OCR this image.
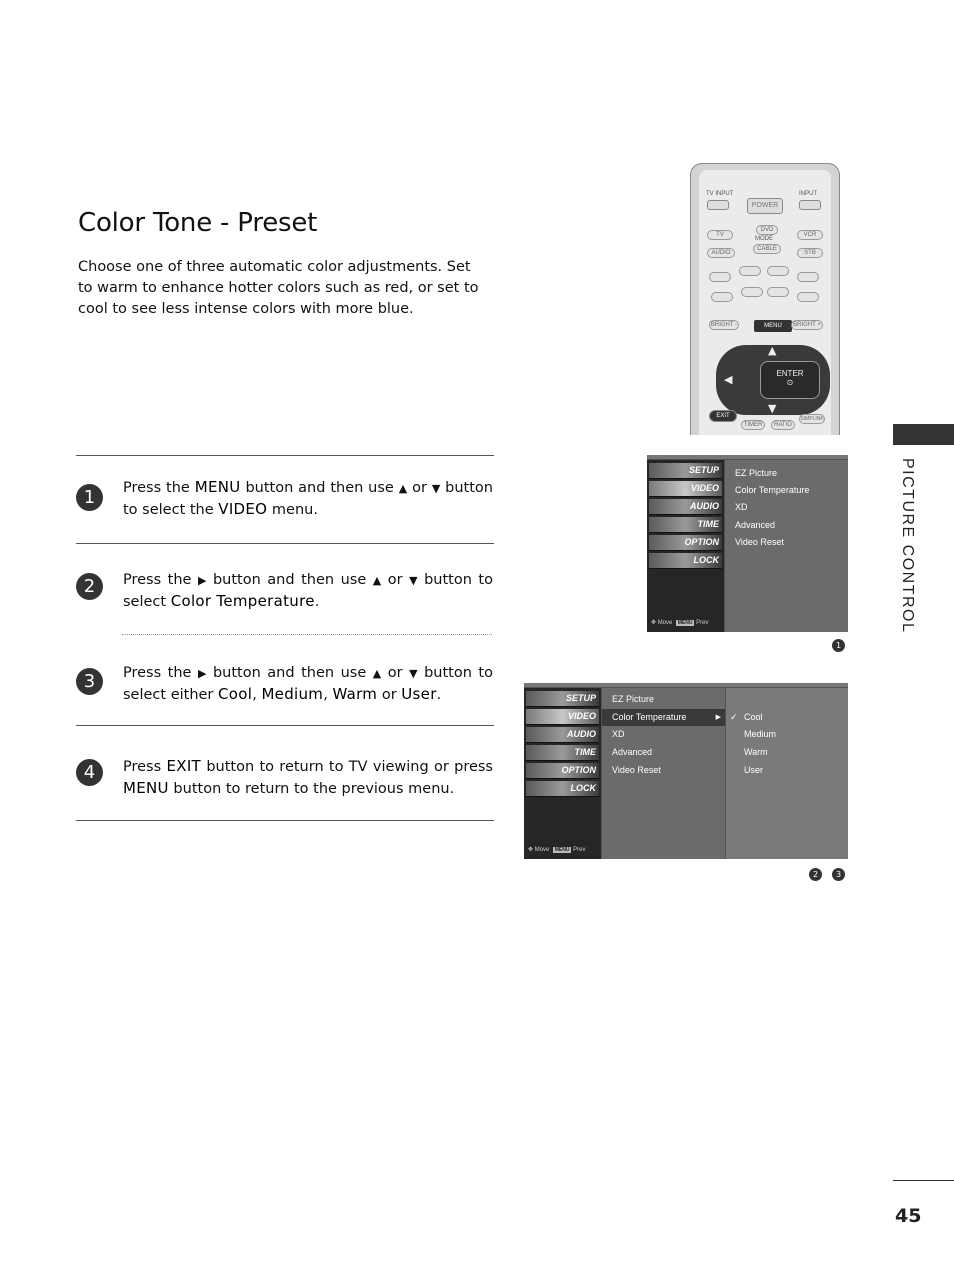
Color Tone - Preset

Choose one of three automatic color adjustments. Set to warm to enhance hotter colors such as red, or set to cool to see less intense colors with more blue.

1	Press the MENU button and then use ▲ or ▼ button to select the VIDEO menu.
2	Press the ▶ button and then use ▲ or ▼ button to select Color Temperature.
3	Press the ▶ button and then use ▲ or ▼ button to select either Cool, Medium, Warm or User.
4	Press EXIT button to return to TV viewing or press MENU button to return to the previous menu.
TV INPUT	INPUT
POWER
TV
DVD
MODE
VCR
AUDIO
CABLE
STB
BRIGHT -	MENU	BRIGHT +
▲
▼
◀	ENTER
⊙
EXIT
TIMER	RATIO
SIMPLINK
PICTURE CONTROL
SETUP
VIDEO
AUDIO
TIME
OPTION
LOCK
✥ Move MENU Prev
EZ Picture
Color Temperature
XD
Advanced
Video Reset
1
SETUP
VIDEO
AUDIO
TIME
OPTION
LOCK
✥ Move MENU Prev
EZ Picture
Color Temperature ▶
XD
Advanced
Video Reset
✓ Cool
Medium
Warm
User
2	3
45
